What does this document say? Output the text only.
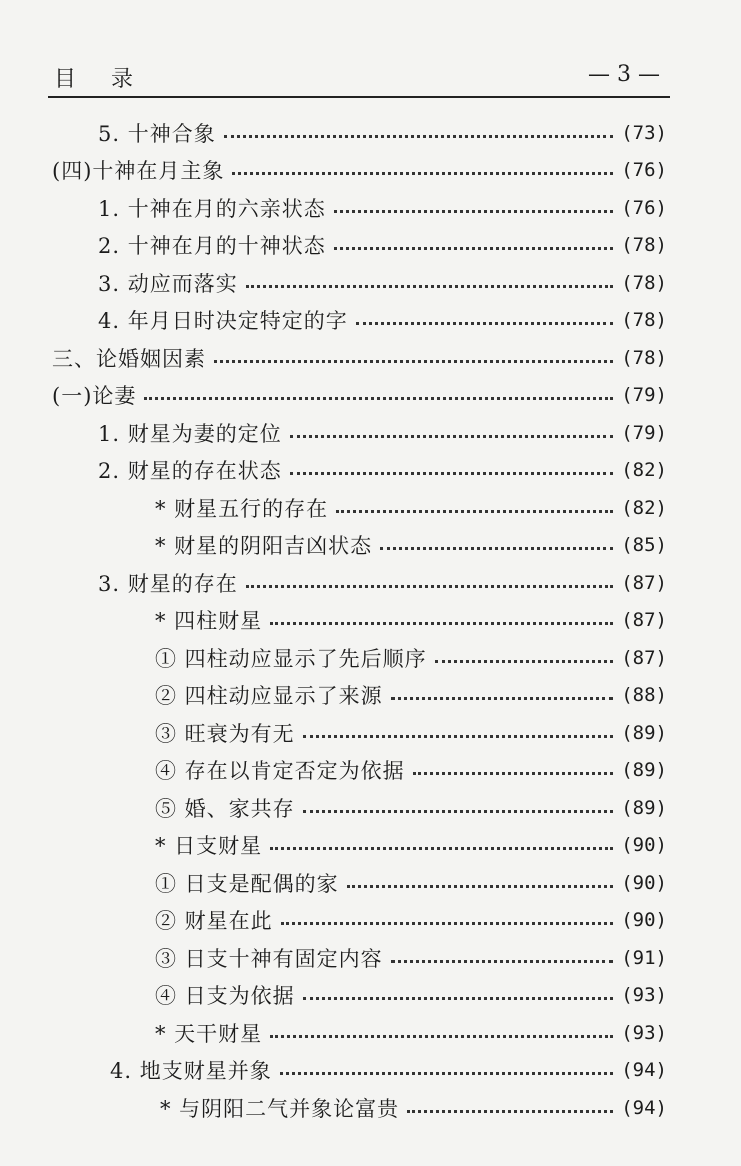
目 录	— 3 —
5. 十神合象	(73)
(四)十神在月主象	(76)
1. 十神在月的六亲状态	(76)
2. 十神在月的十神状态	(78)
3. 动应而落实	(78)
4. 年月日时决定特定的字	(78)
三、论婚姻因素	(78)
(一)论妻	(79)
1. 财星为妻的定位	(79)
2. 财星的存在状态	(82)
* 财星五行的存在	(82)
* 财星的阴阳吉凶状态	(85)
3. 财星的存在	(87)
* 四柱财星	(87)
① 四柱动应显示了先后顺序	(87)
② 四柱动应显示了来源	(88)
③ 旺衰为有无	(89)
④ 存在以肯定否定为依据	(89)
⑤ 婚、家共存	(89)
* 日支财星	(90)
① 日支是配偶的家	(90)
② 财星在此	(90)
③ 日支十神有固定内容	(91)
④ 日支为依据	(93)
* 天干财星	(93)
4. 地支财星并象	(94)
* 与阴阳二气并象论富贵	(94)
